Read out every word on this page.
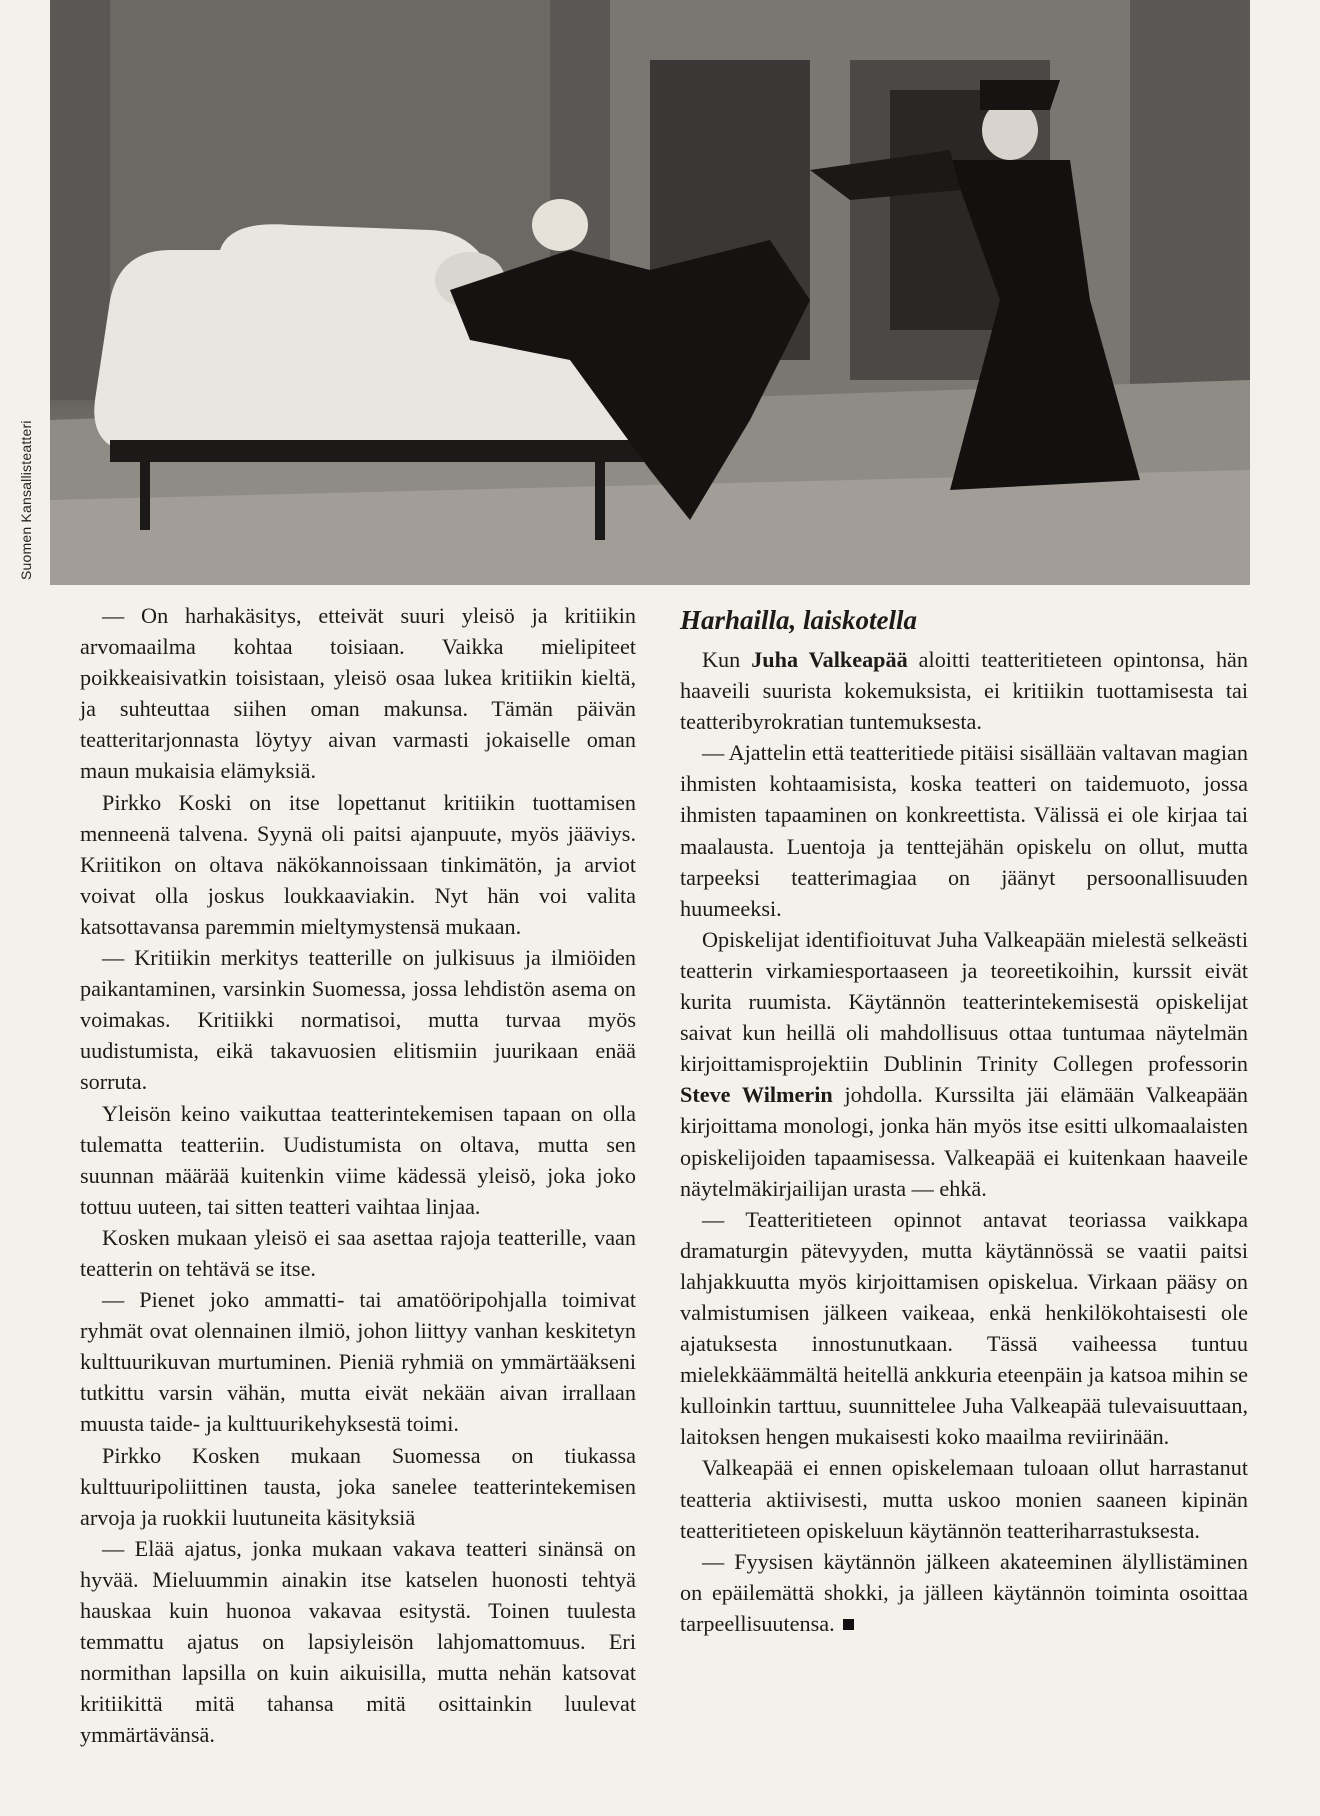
Suomen Kansallisteatteri

— On harhakäsitys, etteivät suuri yleisö ja kritiikin arvomaailma kohtaa toisiaan. Vaikka mielipiteet poikkeaisivatkin toisistaan, yleisö osaa lukea kritiikin kieltä, ja suhteuttaa siihen oman makunsa. Tämän päivän teatteritarjonnasta löytyy aivan varmasti jokaiselle oman maun mukaisia elämyksiä.

Pirkko Koski on itse lopettanut kritiikin tuottamisen menneenä talvena. Syynä oli paitsi ajanpuute, myös jääviys. Kriitikon on oltava näkökannoissaan tinkimätön, ja arviot voivat olla joskus loukkaaviakin. Nyt hän voi valita katsottavansa paremmin mieltymystensä mukaan.

— Kritiikin merkitys teatterille on julkisuus ja ilmiöiden paikantaminen, varsinkin Suomessa, jossa lehdistön asema on voimakas. Kritiikki normatisoi, mutta turvaa myös uudistumista, eikä takavuosien elitismiin juurikaan enää sorruta.

Yleisön keino vaikuttaa teatterintekemisen tapaan on olla tulematta teatteriin. Uudistumista on oltava, mutta sen suunnan määrää kuitenkin viime kädessä yleisö, joka joko tottuu uuteen, tai sitten teatteri vaihtaa linjaa.

Kosken mukaan yleisö ei saa asettaa rajoja teatterille, vaan teatterin on tehtävä se itse.

— Pienet joko ammatti- tai amatööripohjalla toimivat ryhmät ovat olennainen ilmiö, johon liittyy vanhan keskitetyn kulttuurikuvan murtuminen. Pieniä ryhmiä on ymmärtääkseni tutkittu varsin vähän, mutta eivät nekään aivan irrallaan muusta taide- ja kulttuurikehyksestä toimi.

Pirkko Kosken mukaan Suomessa on tiukassa kulttuuripoliittinen tausta, joka sanelee teatterintekemisen arvoja ja ruokkii luutuneita käsityksiä

— Elää ajatus, jonka mukaan vakava teatteri sinänsä on hyvää. Mieluummin ainakin itse katselen huonosti tehtyä hauskaa kuin huonoa vakavaa esitystä. Toinen tuulesta temmattu ajatus on lapsiyleisön lahjomattomuus. Eri normithan lapsilla on kuin aikuisilla, mutta nehän katsovat kritiikittä mitä tahansa mitä osittainkin luulevat ymmärtävänsä.

Harhailla, laiskotella

Kun Juha Valkeapää aloitti teatteritieteen opintonsa, hän haaveili suurista kokemuksista, ei kritiikin tuottamisesta tai teatteribyrokratian tuntemuksesta.

— Ajattelin että teatteritiede pitäisi sisällään valtavan magian ihmisten kohtaamisista, koska teatteri on taidemuoto, jossa ihmisten tapaaminen on konkreettista. Välissä ei ole kirjaa tai maalausta. Luentoja ja tenttejähän opiskelu on ollut, mutta tarpeeksi teatterimagiaa on jäänyt persoonallisuuden huumeeksi.

Opiskelijat identifioituvat Juha Valkeapään mielestä selkeästi teatterin virkamiesportaaseen ja teoreetikoihin, kurssit eivät kurita ruumista. Käytännön teatterintekemisestä opiskelijat saivat kun heillä oli mahdollisuus ottaa tuntumaa näytelmän kirjoittamisprojektiin Dublinin Trinity Collegen professorin Steve Wilmerin johdolla. Kurssilta jäi elämään Valkeapään kirjoittama monologi, jonka hän myös itse esitti ulkomaalaisten opiskelijoiden tapaamisessa. Valkeapää ei kuitenkaan haaveile näytelmäkirjailijan urasta — ehkä.

— Teatteritieteen opinnot antavat teoriassa vaikkapa dramaturgin pätevyyden, mutta käytännössä se vaatii paitsi lahjakkuutta myös kirjoittamisen opiskelua. Virkaan pääsy on valmistumisen jälkeen vaikeaa, enkä henkilökohtaisesti ole ajatuksesta innostunutkaan. Tässä vaiheessa tuntuu mielekkäämmältä heitellä ankkuria eteenpäin ja katsoa mihin se kulloinkin tarttuu, suunnittelee Juha Valkeapää tulevaisuuttaan, laitoksen hengen mukaisesti koko maailma reviirinään.

Valkeapää ei ennen opiskelemaan tuloaan ollut harrastanut teatteria aktiivisesti, mutta uskoo monien saaneen kipinän teatteritieteen opiskeluun käytännön teatteriharrastuksesta.

— Fyysisen käytännön jälkeen akateeminen älyllistäminen on epäilemättä shokki, ja jälleen käytännön toiminta osoittaa tarpeellisuutensa.
